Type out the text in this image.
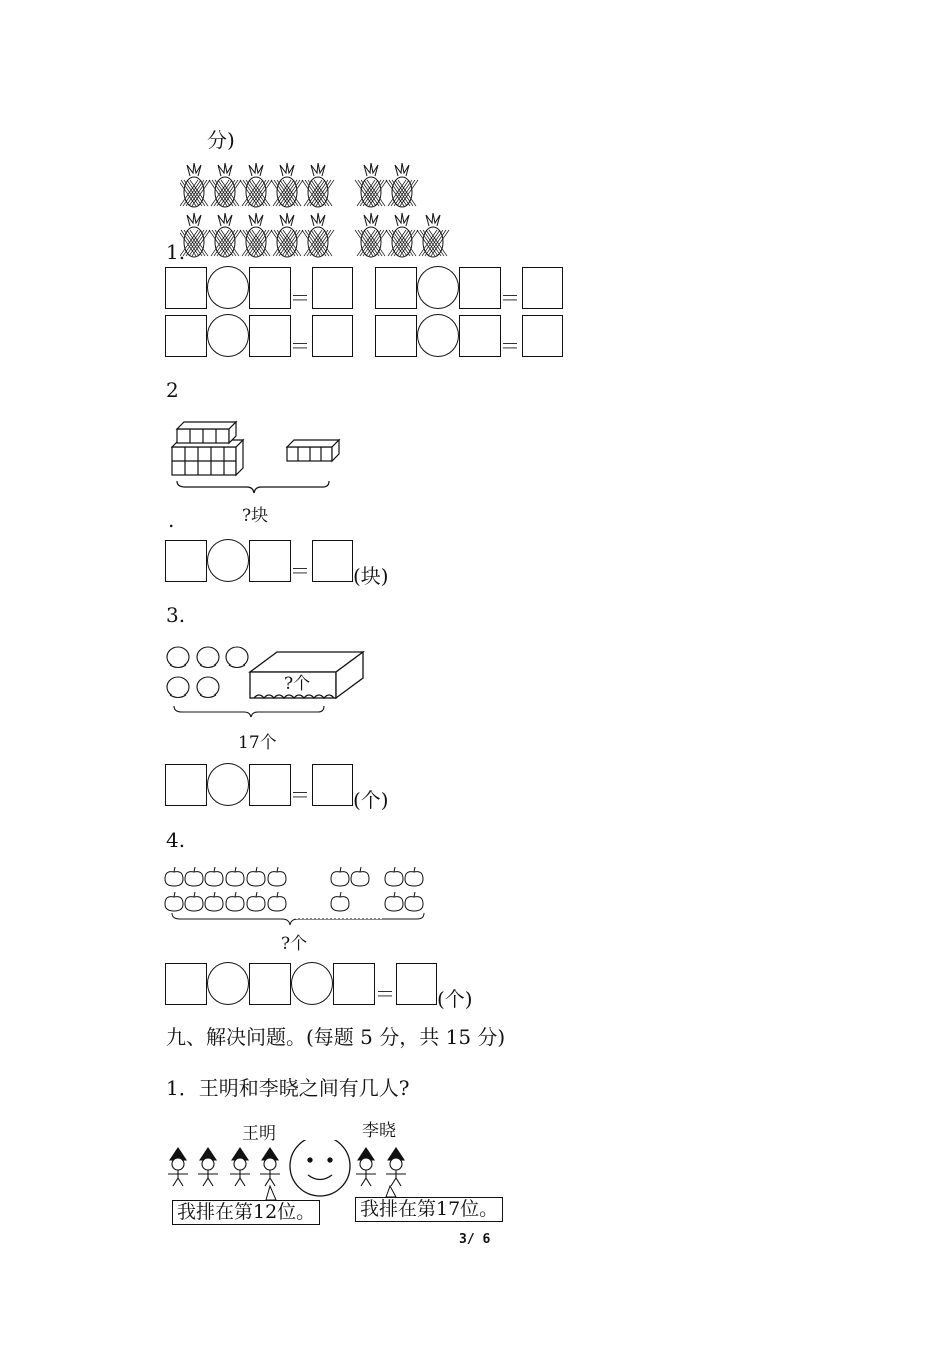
分)
1.
＝	＝
＝	＝
2
.	?块
＝ (块)
3.
?个
17个
＝ (个)
4.
?个
＝ (个)
九、解决问题。(每题 5 分，共 15 分)
1．王明和李晓之间有几人?
王明	李晓
我排在第12位。 我排在第17位。
3/ 6
